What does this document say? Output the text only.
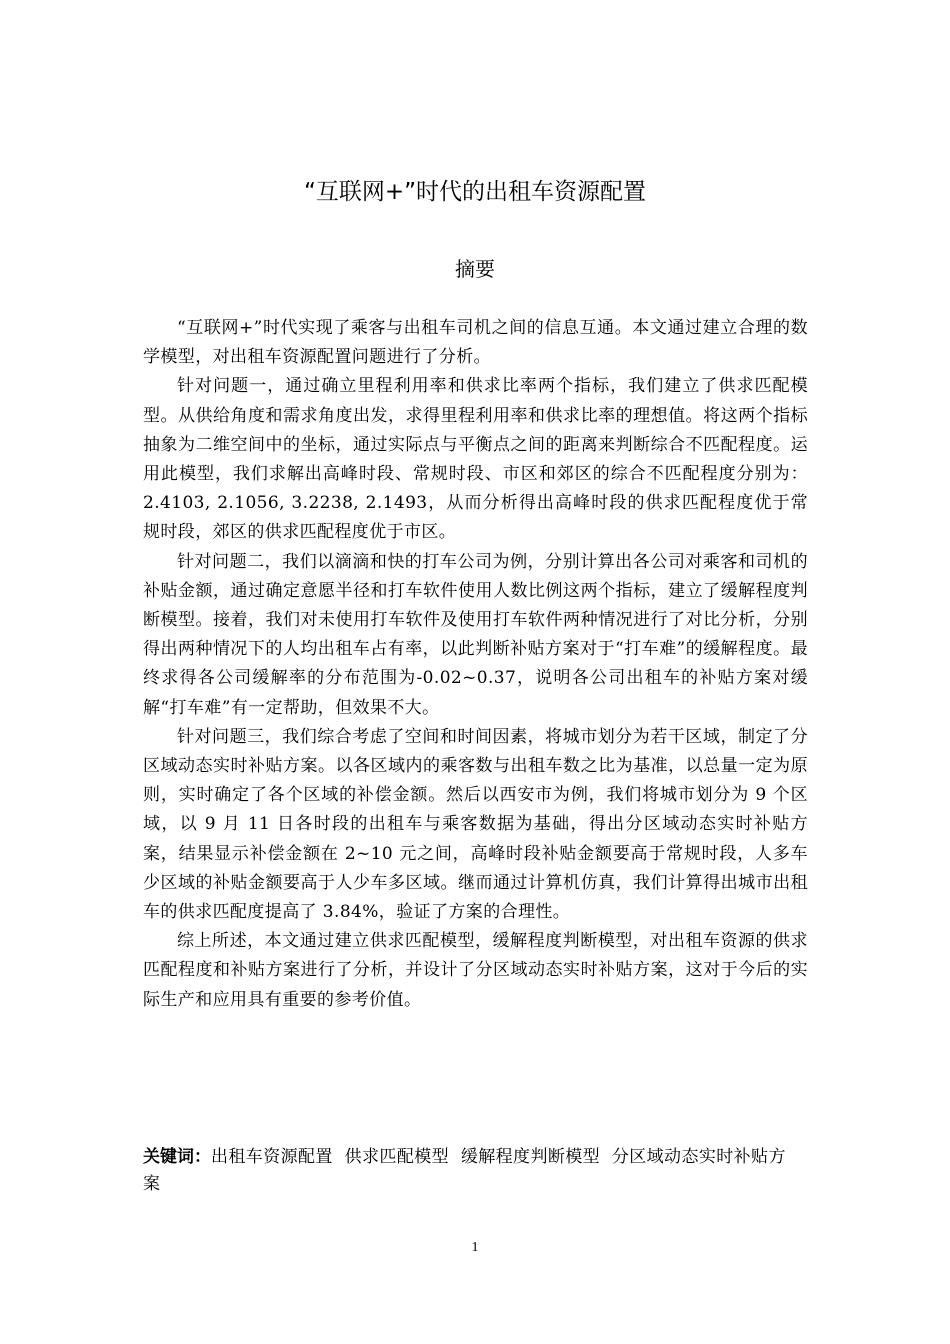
“互联网+”时代的出租车资源配置
摘要

“互联网+”时代实现了乘客与出租车司机之间的信息互通。本文通过建立合理的数学模型，对出租车资源配置问题进行了分析。

针对问题一，通过确立里程利用率和供求比率两个指标，我们建立了供求匹配模型。从供给角度和需求角度出发，求得里程利用率和供求比率的理想值。将这两个指标抽象为二维空间中的坐标，通过实际点与平衡点之间的距离来判断综合不匹配程度。运用此模型，我们求解出高峰时段、常规时段、市区和郊区的综合不匹配程度分别为：2.4103, 2.1056, 3.2238, 2.1493，从而分析得出高峰时段的供求匹配程度优于常规时段，郊区的供求匹配程度优于市区。

针对问题二，我们以滴滴和快的打车公司为例，分别计算出各公司对乘客和司机的补贴金额，通过确定意愿半径和打车软件使用人数比例这两个指标，建立了缓解程度判断模型。接着，我们对未使用打车软件及使用打车软件两种情况进行了对比分析，分别得出两种情况下的人均出租车占有率，以此判断补贴方案对于“打车难”的缓解程度。最终求得各公司缓解率的分布范围为-0.02~0.37，说明各公司出租车的补贴方案对缓解“打车难”有一定帮助，但效果不大。

针对问题三，我们综合考虑了空间和时间因素，将城市划分为若干区域，制定了分区域动态实时补贴方案。以各区域内的乘客数与出租车数之比为基准，以总量一定为原则，实时确定了各个区域的补偿金额。然后以西安市为例，我们将城市划分为 9 个区域，以 9 月 11 日各时段的出租车与乘客数据为基础，得出分区域动态实时补贴方案，结果显示补偿金额在 2~10 元之间，高峰时段补贴金额要高于常规时段，人多车少区域的补贴金额要高于人少车多区域。继而通过计算机仿真，我们计算得出城市出租车的供求匹配度提高了 3.84%，验证了方案的合理性。

综上所述，本文通过建立供求匹配模型，缓解程度判断模型，对出租车资源的供求匹配程度和补贴方案进行了分析，并设计了分区域动态实时补贴方案，这对于今后的实际生产和应用具有重要的参考价值。

关键词：出租车资源配置 供求匹配模型 缓解程度判断模型 分区域动态实时补贴方案
1
